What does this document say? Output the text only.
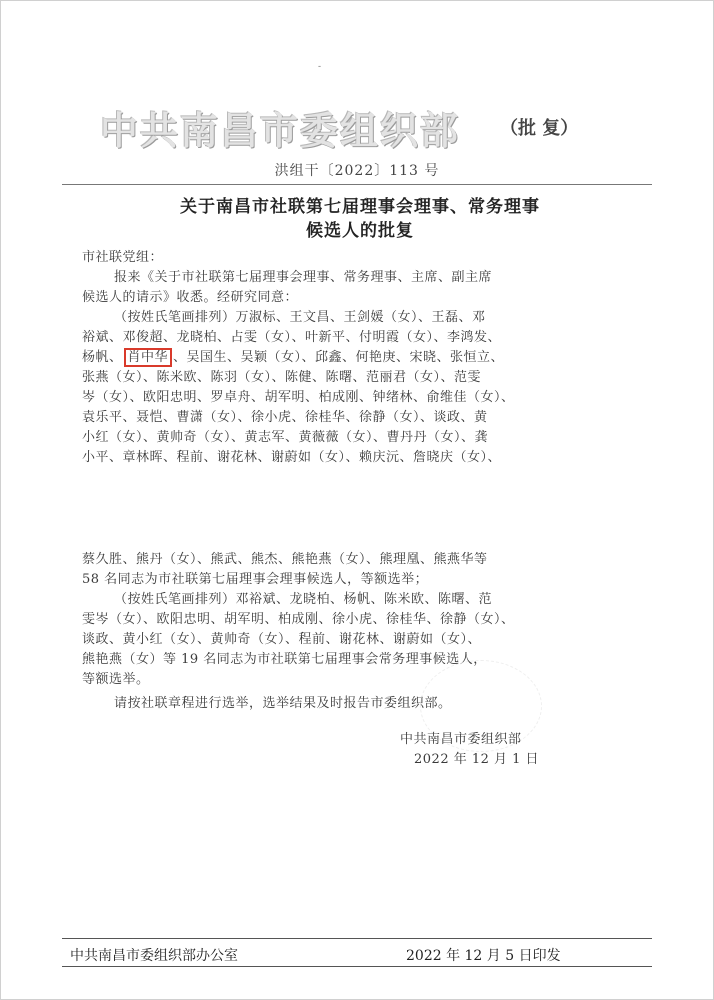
-
中共南昌市委组织部 （批 复）
洪组干〔2022〕113 号
关于南昌市社联第七届理事会理事、常务理事
候选人的批复
市社联党组：
报来《关于市社联第七届理事会理事、常务理事、主席、副主席
候选人的请示》收悉。经研究同意：
（按姓氏笔画排列）万淑标、王文昌、王剑媛（女）、王磊、邓
裕斌、邓俊超、龙晓柏、占雯（女）、叶新平、付明霞（女）、李鸿发、
杨帆、 肖中华 、吴国生、吴颖（女）、邱鑫、何艳庚、宋晓、张恒立、
张燕（女）、陈米欧、陈羽（女）、陈健、陈曙、范丽君（女）、范雯
岑（女）、欧阳忠明、罗卓舟、胡军明、柏成刚、钟绪林、俞维佳（女）、
袁乐平、聂恺、曹潇（女）、徐小虎、徐桂华、徐静（女）、谈政、黄
小红（女）、黄帅奇（女）、黄志军、黄薇薇（女）、曹丹丹（女）、龚
小平、章林晖、程前、谢花林、谢蔚如（女）、赖庆沅、詹晓庆（女）、
蔡久胜、熊丹（女）、熊武、熊杰、熊艳燕（女）、熊理凰、熊燕华等
58 名同志为市社联第七届理事会理事候选人，等额选举；
（按姓氏笔画排列）邓裕斌、龙晓柏、杨帆、陈米欧、陈曙、范
雯岑（女）、欧阳忠明、胡军明、柏成刚、徐小虎、徐桂华、徐静（女）、
谈政、黄小红（女）、黄帅奇（女）、程前、谢花林、谢蔚如（女）、
熊艳燕（女）等 19 名同志为市社联第七届理事会常务理事候选人，
等额选举。
请按社联章程进行选举，选举结果及时报告市委组织部。
中共南昌市委组织部
2022 年 12 月 1 日
中共南昌市委组织部办公室	2022 年 12 月 5 日印发
